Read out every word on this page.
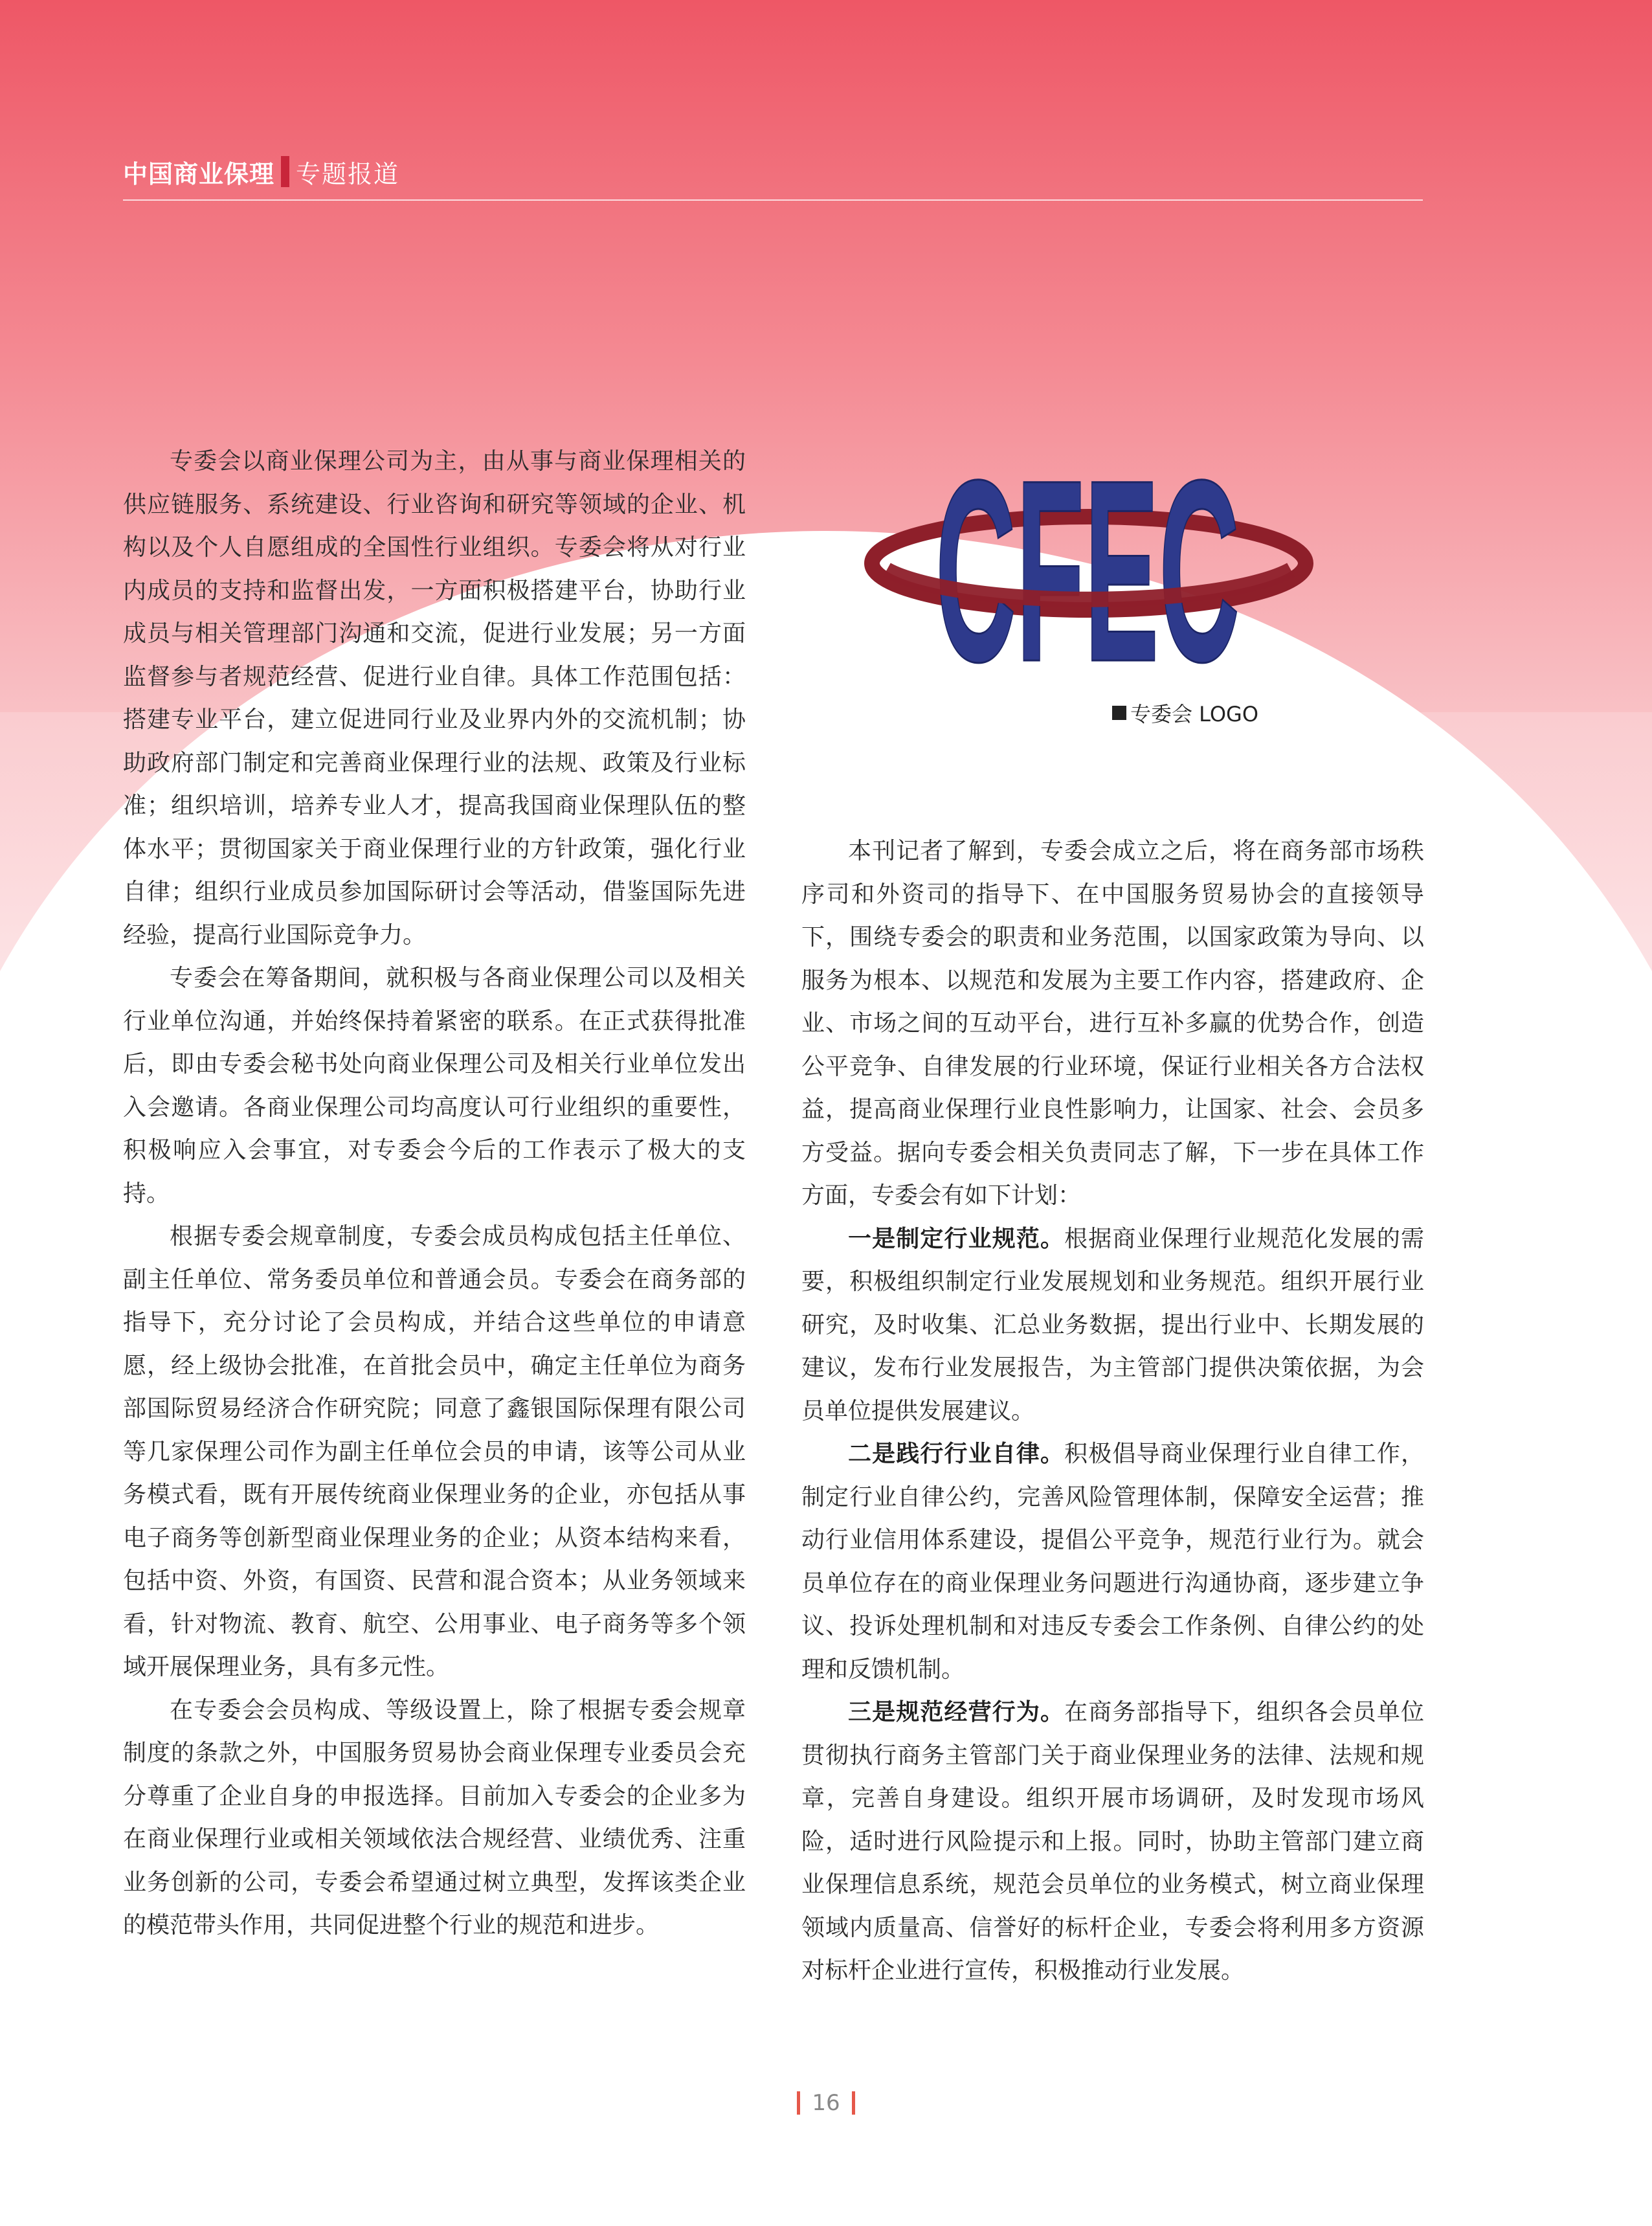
中国商业保理 专题报道

专委会以商业保理公司为主，由从事与商业保理相关的供应链服务、系统建设、行业咨询和研究等领域的企业、机构以及个人自愿组成的全国性行业组织。专委会将从对行业内成员的支持和监督出发，一方面积极搭建平台，协助行业成员与相关管理部门沟通和交流，促进行业发展；另一方面监督参与者规范经营、促进行业自律。具体工作范围包括：搭建专业平台，建立促进同行业及业界内外的交流机制；协助政府部门制定和完善商业保理行业的法规、政策及行业标准；组织培训，培养专业人才，提高我国商业保理队伍的整体水平；贯彻国家关于商业保理行业的方针政策，强化行业自律；组织行业成员参加国际研讨会等活动，借鉴国际先进经验，提高行业国际竞争力。

专委会在筹备期间，就积极与各商业保理公司以及相关行业单位沟通，并始终保持着紧密的联系。在正式获得批准后，即由专委会秘书处向商业保理公司及相关行业单位发出入会邀请。各商业保理公司均高度认可行业组织的重要性，积极响应入会事宜，对专委会今后的工作表示了极大的支持。

根据专委会规章制度，专委会成员构成包括主任单位、副主任单位、常务委员单位和普通会员。专委会在商务部的指导下，充分讨论了会员构成，并结合这些单位的申请意愿，经上级协会批准，在首批会员中，确定主任单位为商务部国际贸易经济合作研究院；同意了鑫银国际保理有限公司等几家保理公司作为副主任单位会员的申请，该等公司从业务模式看，既有开展传统商业保理业务的企业，亦包括从事电子商务等创新型商业保理业务的企业；从资本结构来看，包括中资、外资，有国资、民营和混合资本；从业务领域来看，针对物流、教育、航空、公用事业、电子商务等多个领域开展保理业务，具有多元性。

在专委会会员构成、等级设置上，除了根据专委会规章制度的条款之外，中国服务贸易协会商业保理专业委员会充分尊重了企业自身的申报选择。目前加入专委会的企业多为在商业保理行业或相关领域依法合规经营、业绩优秀、注重业务创新的公司，专委会希望通过树立典型，发挥该类企业的模范带头作用，共同促进整个行业的规范和进步。

CFEC
专委会 LOGO

本刊记者了解到，专委会成立之后，将在商务部市场秩序司和外资司的指导下、在中国服务贸易协会的直接领导下，围绕专委会的职责和业务范围，以国家政策为导向、以服务为根本、以规范和发展为主要工作内容，搭建政府、企业、市场之间的互动平台，进行互补多赢的优势合作，创造公平竞争、自律发展的行业环境，保证行业相关各方合法权益，提高商业保理行业良性影响力，让国家、社会、会员多方受益。据向专委会相关负责同志了解，下一步在具体工作方面，专委会有如下计划：

一是制定行业规范。根据商业保理行业规范化发展的需要，积极组织制定行业发展规划和业务规范。组织开展行业研究，及时收集、汇总业务数据，提出行业中、长期发展的建议，发布行业发展报告，为主管部门提供决策依据，为会员单位提供发展建议。

二是践行行业自律。积极倡导商业保理行业自律工作，制定行业自律公约，完善风险管理体制，保障安全运营；推动行业信用体系建设，提倡公平竞争，规范行业行为。就会员单位存在的商业保理业务问题进行沟通协商，逐步建立争议、投诉处理机制和对违反专委会工作条例、自律公约的处理和反馈机制。

三是规范经营行为。在商务部指导下，组织各会员单位贯彻执行商务主管部门关于商业保理业务的法律、法规和规章，完善自身建设。组织开展市场调研，及时发现市场风险，适时进行风险提示和上报。同时，协助主管部门建立商业保理信息系统，规范会员单位的业务模式，树立商业保理领域内质量高、信誉好的标杆企业，专委会将利用多方资源对标杆企业进行宣传，积极推动行业发展。

16
